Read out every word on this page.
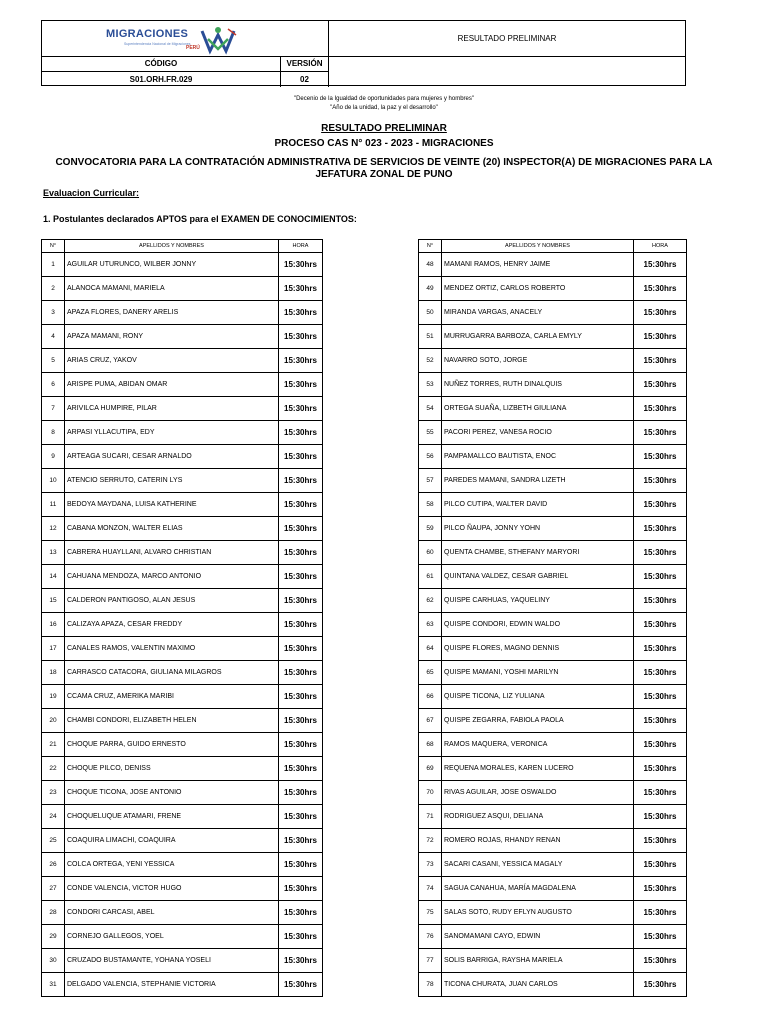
MIGRACIONES
Superintendencia Nacional de Migraciones
PERÚ
RESULTADO PRELIMINAR
CÓDIGO	VERSIÓN
S01.ORH.FR.029	02
"Decenio de la Igualdad de oportunidades para mujeres y hombres"
"Año de la unidad, la paz y el desarrollo"
RESULTADO PRELIMINAR
PROCESO CAS N° 023 - 2023 - MIGRACIONES
CONVOCATORIA PARA LA CONTRATACIÓN ADMINISTRATIVA DE SERVICIOS DE VEINTE (20) INSPECTOR(A) DE MIGRACIONES PARA LA JEFATURA ZONAL DE PUNO
Evaluacion Curricular:
1. Postulantes declarados APTOS para el EXAMEN DE CONOCIMIENTOS:
N°	APELLIDOS Y NOMBRES	HORA
1	AGUILAR UTURUNCO, WILBER JONNY	15:30hrs
2	ALANOCA MAMANI, MARIELA	15:30hrs
3	APAZA FLORES, DANERY ARELIS	15:30hrs
4	APAZA MAMANI, RONY	15:30hrs
5	ARIAS CRUZ, YAKOV	15:30hrs
6	ARISPE PUMA, ABIDAN OMAR	15:30hrs
7	ARIVILCA HUMPIRE, PILAR	15:30hrs
8	ARPASI YLLACUTIPA, EDY	15:30hrs
9	ARTEAGA SUCARI, CESAR ARNALDO	15:30hrs
10	ATENCIO SERRUTO, CATERIN LYS	15:30hrs
11	BEDOYA MAYDANA, LUISA KATHERINE	15:30hrs
12	CABANA MONZON, WALTER ELIAS	15:30hrs
13	CABRERA HUAYLLANI, ALVARO CHRISTIAN	15:30hrs
14	CAHUANA MENDOZA, MARCO ANTONIO	15:30hrs
15	CALDERON PANTIGOSO, ALAN JESUS	15:30hrs
16	CALIZAYA APAZA, CESAR FREDDY	15:30hrs
17	CANALES RAMOS, VALENTIN MAXIMO	15:30hrs
18	CARRASCO CATACORA, GIULIANA MILAGROS	15:30hrs
19	CCAMA CRUZ, AMERIKA MARIBI	15:30hrs
20	CHAMBI CONDORI, ELIZABETH HELEN	15:30hrs
21	CHOQUE PARRA, GUIDO ERNESTO	15:30hrs
22	CHOQUE PILCO, DENISS	15:30hrs
23	CHOQUE TICONA, JOSE ANTONIO	15:30hrs
24	CHOQUELUQUE ATAMARI, FRENE	15:30hrs
25	COAQUIRA LIMACHI, COAQUIRA	15:30hrs
26	COLCA ORTEGA, YENI YESSICA	15:30hrs
27	CONDE VALENCIA, VICTOR HUGO	15:30hrs
28	CONDORI CARCASI, ABEL	15:30hrs
29	CORNEJO GALLEGOS, YOEL	15:30hrs
30	CRUZADO BUSTAMANTE, YOHANA YOSELI	15:30hrs
31	DELGADO VALENCIA, STEPHANIE VICTORIA	15:30hrs
N°	APELLIDOS Y NOMBRES	HORA
48	MAMANI RAMOS, HENRY JAIME	15:30hrs
49	MENDEZ ORTIZ, CARLOS ROBERTO	15:30hrs
50	MIRANDA VARGAS, ANACELY	15:30hrs
51	MURRUGARRA BARBOZA, CARLA EMYLY	15:30hrs
52	NAVARRO SOTO, JORGE	15:30hrs
53	NUÑEZ TORRES, RUTH DINALQUIS	15:30hrs
54	ORTEGA SUAÑA, LIZBETH GIULIANA	15:30hrs
55	PACORI PEREZ, VANESA ROCIO	15:30hrs
56	PAMPAMALLCO BAUTISTA, ENOC	15:30hrs
57	PAREDES MAMANI, SANDRA LIZETH	15:30hrs
58	PILCO CUTIPA, WALTER DAVID	15:30hrs
59	PILCO ÑAUPA, JONNY YOHN	15:30hrs
60	QUENTA CHAMBE, STHEFANY MARYORI	15:30hrs
61	QUINTANA VALDEZ, CESAR GABRIEL	15:30hrs
62	QUISPE CARHUAS, YAQUELINY	15:30hrs
63	QUISPE CONDORI, EDWIN WALDO	15:30hrs
64	QUISPE FLORES, MAGNO DENNIS	15:30hrs
65	QUISPE MAMANI, YOSHI MARILYN	15:30hrs
66	QUISPE TICONA, LIZ YULIANA	15:30hrs
67	QUISPE ZEGARRA, FABIOLA PAOLA	15:30hrs
68	RAMOS MAQUERA, VERONICA	15:30hrs
69	REQUENA MORALES, KAREN LUCERO	15:30hrs
70	RIVAS AGUILAR, JOSE OSWALDO	15:30hrs
71	RODRIGUEZ ASQUI, DELIANA	15:30hrs
72	ROMERO ROJAS, RHANDY RENAN	15:30hrs
73	SACARI CASANI, YESSICA MAGALY	15:30hrs
74	SAGUA CANAHUA, MARÍA MAGDALENA	15:30hrs
75	SALAS SOTO, RUDY EFLYN AUGUSTO	15:30hrs
76	SANOMAMANI CAYO, EDWIN	15:30hrs
77	SOLIS BARRIGA, RAYSHA MARIELA	15:30hrs
78	TICONA CHURATA, JUAN CARLOS	15:30hrs
